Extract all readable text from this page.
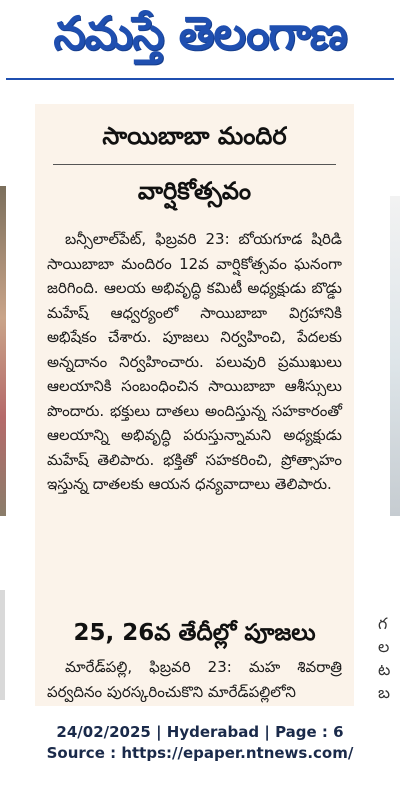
నమస్తే తెలంగాణ
గ
ల
ట
బ
సాయిబాబా మందిర
వార్షికోత్సవం
బన్సీలాల్‌పేట్, ఫిబ్రవరి 23: బోయగూడ షిరిడి సాయిబాబా మందిరం 12వ వార్షికోత్సవం ఘనంగా జరిగింది. ఆలయ అభివృద్ధి కమిటీ అధ్యక్షుడు బొడ్డు మహేష్ ఆధ్వర్యంలో సాయిబాబా విగ్రహానికి అభిషేకం చేశారు. పూజలు నిర్వహించి, పేదలకు అన్నదానం నిర్వహించారు. పలువురి ప్రముఖులు ఆలయానికి సంబంధించిన సాయిబాబా ఆశీస్సులు పొందారు. భక్తులు దాతలు అందిస్తున్న సహకారంతో ఆలయాన్ని అభివృద్ధి పరుస్తున్నామని అధ్యక్షుడు మహేష్ తెలిపారు. భక్తితో సహకరించి, ప్రోత్సాహం ఇస్తున్న దాతలకు ఆయన ధన్యవాదాలు తెలిపారు.
25, 26వ తేదీల్లో పూజలు
మారేడ్‌పల్లి, ఫిబ్రవరి 23: మహ శివరాత్రి పర్వదినం పురస్కరించుకొని మారేడ్‌పల్లిలోని
24/02/2025 | Hyderabad | Page : 6
Source : https://epaper.ntnews.com/
